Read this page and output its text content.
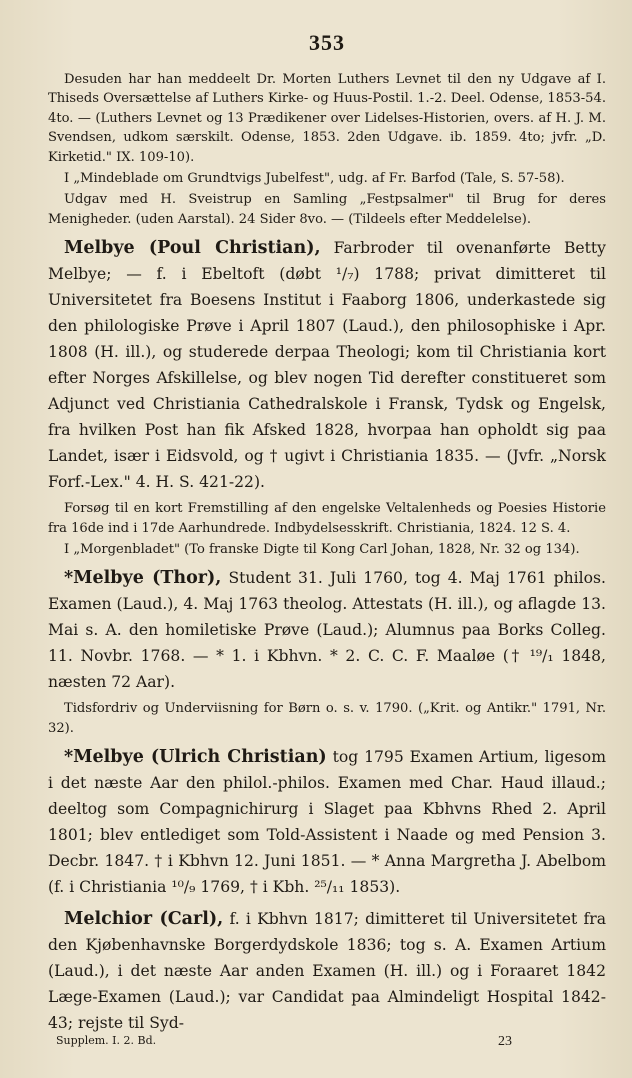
353

Desuden har han meddeelt Dr. Morten Luthers Levnet til den ny Udgave af I. Thiseds Oversættelse af Luthers Kirke- og Huus-Postil. 1.-2. Deel. Odense, 1853-54. 4to. — (Luthers Levnet og 13 Prædikener over Lidelses-Historien, overs. af H. J. M. Svendsen, udkom særskilt. Odense, 1853. 2den Udgave. ib. 1859. 4to; jvfr. „D. Kirketid." IX. 109-10).

I „Mindeblade om Grundtvigs Jubelfest", udg. af Fr. Barfod (Tale, S. 57-58).

Udgav med H. Sveistrup en Samling „Festpsalmer" til Brug for deres Menigheder. (uden Aarstal). 24 Sider 8vo. — (Tildeels efter Meddelelse).

Melbye (Poul Christian), Farbroder til ovenanførte Betty Melbye; — f. i Ebeltoft (døbt ¹/₇) 1788; privat dimitteret til Universitetet fra Boesens Institut i Faaborg 1806, underkastede sig den philologiske Prøve i April 1807 (Laud.), den philosophiske i Apr. 1808 (H. ill.), og studerede derpaa Theologi; kom til Christiania kort efter Norges Afskillelse, og blev nogen Tid derefter constitueret som Adjunct ved Christiania Cathedralskole i Fransk, Tydsk og Engelsk, fra hvilken Post han fik Afsked 1828, hvorpaa han opholdt sig paa Landet, især i Eidsvold, og † ugivt i Christiania 1835. — (Jvfr. „Norsk Forf.-Lex." 4. H. S. 421-22).

Forsøg til en kort Fremstilling af den engelske Veltalenheds og Poesies Historie fra 16de ind i 17de Aarhundrede. Indbydelsesskrift. Christiania, 1824. 12 S. 4.

I „Morgenbladet" (To franske Digte til Kong Carl Johan, 1828, Nr. 32 og 134).

*Melbye (Thor), Student 31. Juli 1760, tog 4. Maj 1761 philos. Examen (Laud.), 4. Maj 1763 theolog. Attestats (H. ill.), og aflagde 13. Mai s. A. den homiletiske Prøve (Laud.); Alumnus paa Borks Colleg. 11. Novbr. 1768. — * 1. i Kbhvn. * 2. C. C. F. Maaløe († ¹⁹/₁ 1848, næsten 72 Aar).

Tidsfordriv og Underviisning for Børn o. s. v. 1790. („Krit. og Antikr." 1791, Nr. 32).

*Melbye (Ulrich Christian) tog 1795 Examen Artium, ligesom i det næste Aar den philol.-philos. Examen med Char. Haud illaud.; deeltog som Compagnichirurg i Slaget paa Kbhvns Rhed 2. April 1801; blev entlediget som Told-Assistent i Naade og med Pension 3. Decbr. 1847. † i Kbhvn 12. Juni 1851. — * Anna Margretha J. Abelbom (f. i Christiania ¹⁰/₉ 1769, † i Kbh. ²⁵/₁₁ 1853).

Melchior (Carl), f. i Kbhvn 1817; dimitteret til Universitetet fra den Kjøbenhavnske Borgerdydskole 1836; tog s. A. Examen Artium (Laud.), i det næste Aar anden Examen (H. ill.) og i Foraaret 1842 Læge-Examen (Laud.); var Candidat paa Almindeligt Hospital 1842-43; rejste til Syd-

Supplem. I. 2. Bd.	23
